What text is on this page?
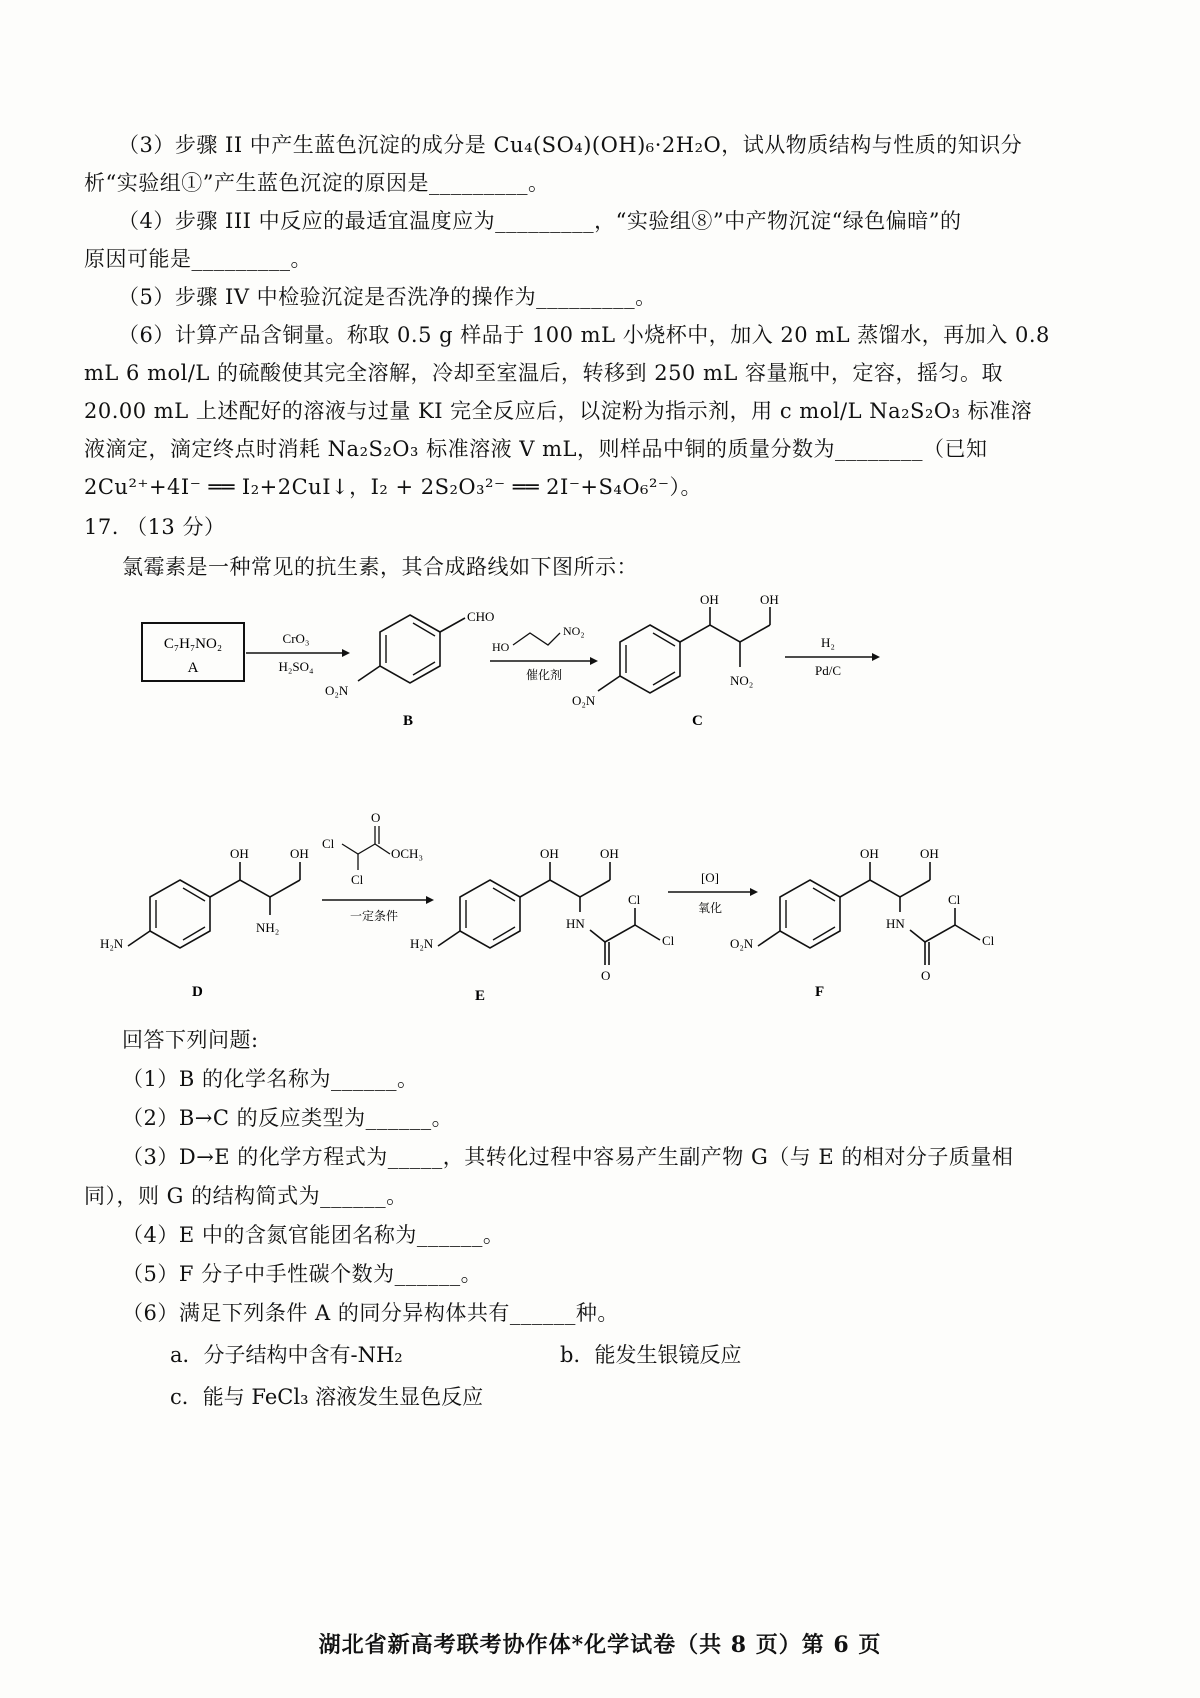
（3）步骤 II 中产生蓝色沉淀的成分是 Cu₄(SO₄)(OH)₆·2H₂O，试从物质结构与性质的知识分
析“实验组①”产生蓝色沉淀的原因是_________。
（4）步骤 III 中反应的最适宜温度应为_________，“实验组⑧”中产物沉淀“绿色偏暗”的
原因可能是_________。
（5）步骤 IV 中检验沉淀是否洗净的操作为_________。
（6）计算产品含铜量。称取 0.5 g 样品于 100 mL 小烧杯中，加入 20 mL 蒸馏水，再加入 0.8
mL 6 mol/L 的硫酸使其完全溶解，冷却至室温后，转移到 250 mL 容量瓶中，定容，摇匀。取
20.00 mL 上述配好的溶液与过量 KI 完全反应后，以淀粉为指示剂，用 c mol/L Na₂S₂O₃ 标准溶
液滴定，滴定终点时消耗 Na₂S₂O₃ 标准溶液 V mL，则样品中铜的质量分数为________（已知
2Cu²⁺+4I⁻ ══ I₂+2CuI↓，I₂ + 2S₂O₃²⁻ ══ 2I⁻+S₄O₆²⁻）。
17. （13 分）
氯霉素是一种常见的抗生素，其合成路线如下图所示：
C₇H₇NO₂
A
CrO₃
H₂SO₄
CHO
O₂N
B
HO
NO₂
催化剂
O₂N
OH	OH
NO₂
C
H₂
Pd/C
H₂N
OH	OH
NH₂
D
Cl
Cl
O
OCH₃
一定条件
H₂N
OH	OH
HN
O
Cl
Cl
E
[O]
氧化
O₂N
OH	OH
HN
O
Cl
Cl
F
回答下列问题:
（1）B 的化学名称为______。
（2）B→C 的反应类型为______。
（3）D→E 的化学方程式为_____，其转化过程中容易产生副产物 G（与 E 的相对分子质量相
同），则 G 的结构简式为______。
（4）E 中的含氮官能团名称为______。
（5）F 分子中手性碳个数为______。
（6）满足下列条件 A 的同分异构体共有______种。
a．分子结构中含有-NH₂	b．能发生银镜反应
c．能与 FeCl₃ 溶液发生显色反应
湖北省新高考联考协作体*化学试卷（共 8 页）第 6 页
